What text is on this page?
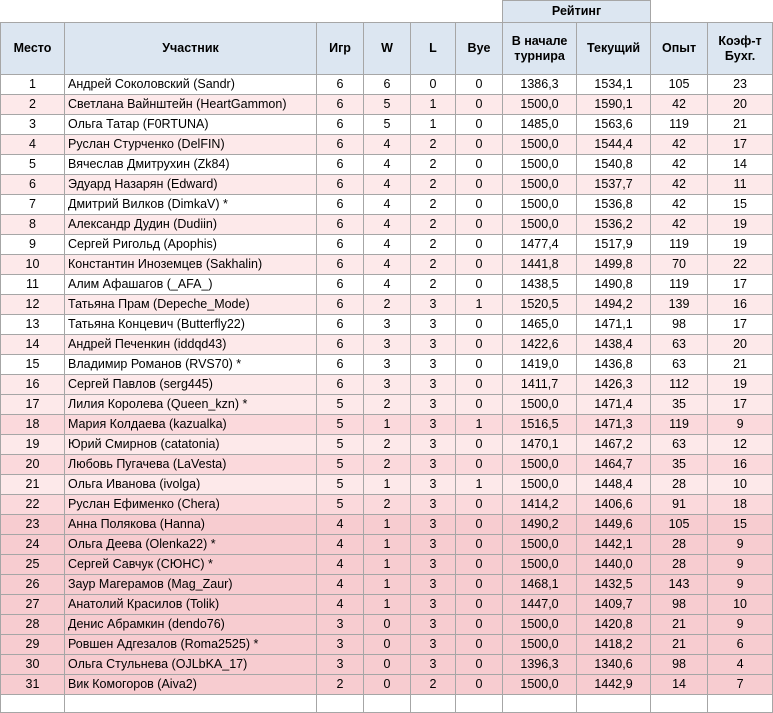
						Рейтинг			
Место	Участник	Игр	W	L	Bye	В начале турнира	Текущий	Опыт	Коэф-т Бухг.
1	Андрей Соколовский (Sandr)	6	6	0	0	1386,3	1534,1	105	23
2	Светлана Вайнштейн (HeartGammon)	6	5	1	0	1500,0	1590,1	42	20
3	Ольга Татар (F0RTUNA)	6	5	1	0	1485,0	1563,6	119	21
4	Руслан Стурченко (DelFIN)	6	4	2	0	1500,0	1544,4	42	17
5	Вячеслав Дмитрухин (Zk84)	6	4	2	0	1500,0	1540,8	42	14
6	Эдуард Назарян (Edward)	6	4	2	0	1500,0	1537,7	42	11
7	Дмитрий Вилков (DimkaV) *	6	4	2	0	1500,0	1536,8	42	15
8	Александр Дудин (Dudiin)	6	4	2	0	1500,0	1536,2	42	19
9	Сергей Ригольд (Apophis)	6	4	2	0	1477,4	1517,9	119	19
10	Константин Иноземцев (Sakhalin)	6	4	2	0	1441,8	1499,8	70	22
11	Алим Афашагов (_AFA_)	6	4	2	0	1438,5	1490,8	119	17
12	Татьяна Прам (Depeche_Mode)	6	2	3	1	1520,5	1494,2	139	16
13	Татьяна Концевич (Butterfly22)	6	3	3	0	1465,0	1471,1	98	17
14	Андрей Печенкин (iddqd43)	6	3	3	0	1422,6	1438,4	63	20
15	Владимир Романов (RVS70) *	6	3	3	0	1419,0	1436,8	63	21
16	Сергей Павлов (serg445)	6	3	3	0	1411,7	1426,3	112	19
17	Лилия Королева (Queen_kzn) *	5	2	3	0	1500,0	1471,4	35	17
18	Мария Колдаева (kazualka)	5	1	3	1	1516,5	1471,3	119	9
19	Юрий Смирнов (catatonia)	5	2	3	0	1470,1	1467,2	63	12
20	Любовь Пугачева (LaVesta)	5	2	3	0	1500,0	1464,7	35	16
21	Ольга Иванова (ivolga)	5	1	3	1	1500,0	1448,4	28	10
22	Руслан Ефименко (Chera)	5	2	3	0	1414,2	1406,6	91	18
23	Анна Полякова (Hanna)	4	1	3	0	1490,2	1449,6	105	15
24	Ольга Деева (Olenka22) *	4	1	3	0	1500,0	1442,1	28	9
25	Сергей Савчук (СЮНС) *	4	1	3	0	1500,0	1440,0	28	9
26	Заур Магерамов (Mag_Zaur)	4	1	3	0	1468,1	1432,5	143	9
27	Анатолий Красилов (Tolik)	4	1	3	0	1447,0	1409,7	98	10
28	Денис Абрамкин (dendo76)	3	0	3	0	1500,0	1420,8	21	9
29	Ровшен Адгезалов (Roma2525) *	3	0	3	0	1500,0	1418,2	21	6
30	Ольга Стульнева (OJLbKA_17)	3	0	3	0	1396,3	1340,6	98	4
31	Вик Комогоров (Aiva2)	2	0	2	0	1500,0	1442,9	14	7
